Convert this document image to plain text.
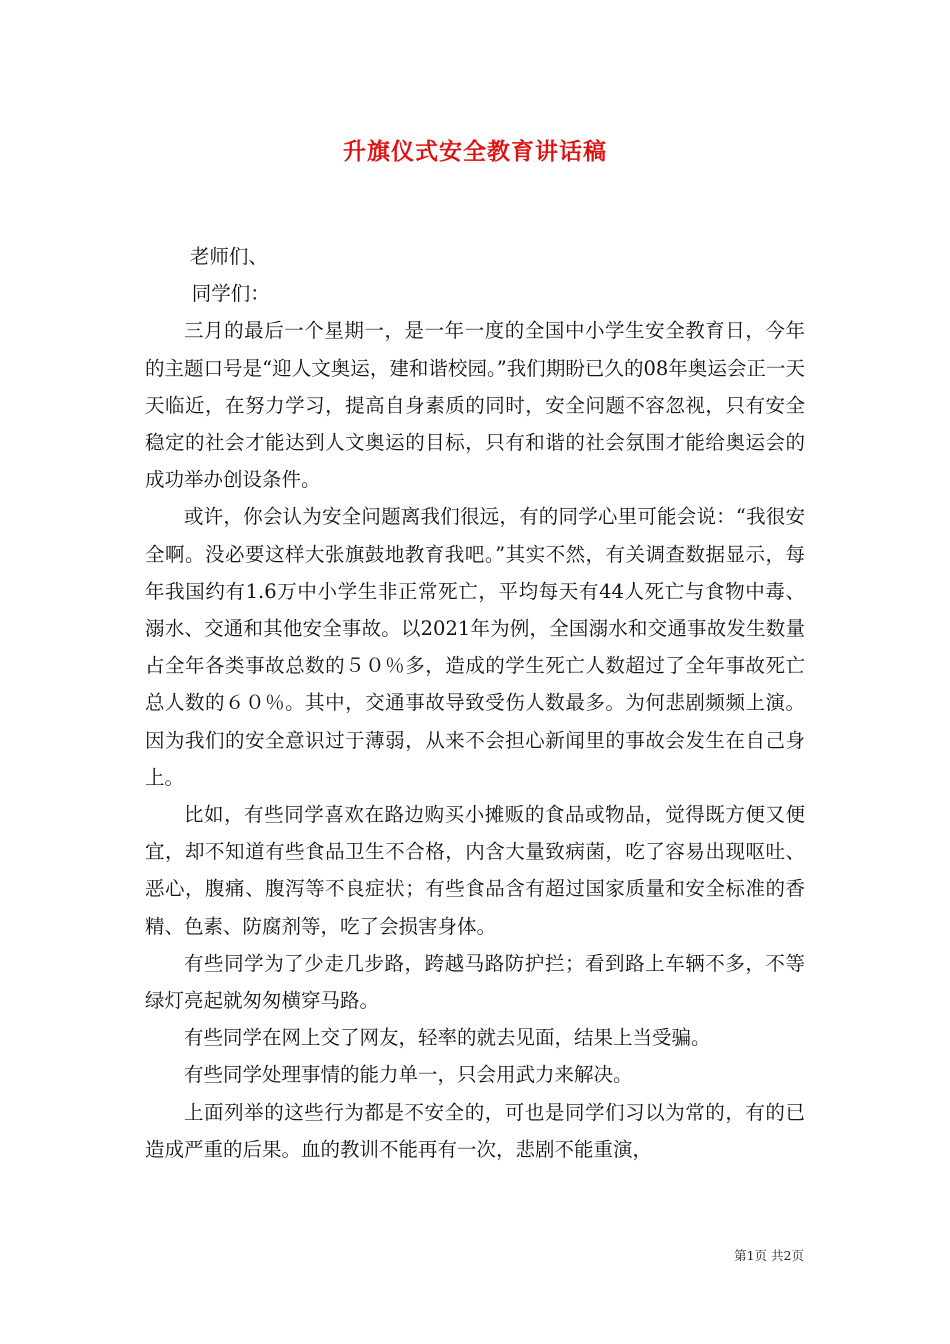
升旗仪式安全教育讲话稿

老师们、

同学们：

三月的最后一个星期一，是一年一度的全国中小学生安全教育日，今年的主题口号是“迎人文奥运，建和谐校园。”我们期盼已久的08年奥运会正一天天临近，在努力学习，提高自身素质的同时，安全问题不容忽视，只有安全稳定的社会才能达到人文奥运的目标，只有和谐的社会氛围才能给奥运会的成功举办创设条件。

或许，你会认为安全问题离我们很远，有的同学心里可能会说：“我很安全啊。没必要这样大张旗鼓地教育我吧。”其实不然，有关调查数据显示，每年我国约有1.6万中小学生非正常死亡，平均每天有44人死亡与食物中毒、溺水、交通和其他安全事故。以2021年为例，全国溺水和交通事故发生数量占全年各类事故总数的５０％多，造成的学生死亡人数超过了全年事故死亡总人数的６０％。其中，交通事故导致受伤人数最多。为何悲剧频频上演。因为我们的安全意识过于薄弱，从来不会担心新闻里的事故会发生在自己身上。

比如，有些同学喜欢在路边购买小摊贩的食品或物品，觉得既方便又便宜，却不知道有些食品卫生不合格，内含大量致病菌，吃了容易出现呕吐、恶心，腹痛、腹泻等不良症状；有些食品含有超过国家质量和安全标准的香精、色素、防腐剂等，吃了会损害身体。

有些同学为了少走几步路，跨越马路防护拦；看到路上车辆不多，不等绿灯亮起就匆匆横穿马路。

有些同学在网上交了网友，轻率的就去见面，结果上当受骗。

有些同学处理事情的能力单一，只会用武力来解决。

上面列举的这些行为都是不安全的，可也是同学们习以为常的，有的已造成严重的后果。血的教训不能再有一次，悲剧不能重演，

第1页 共2页
